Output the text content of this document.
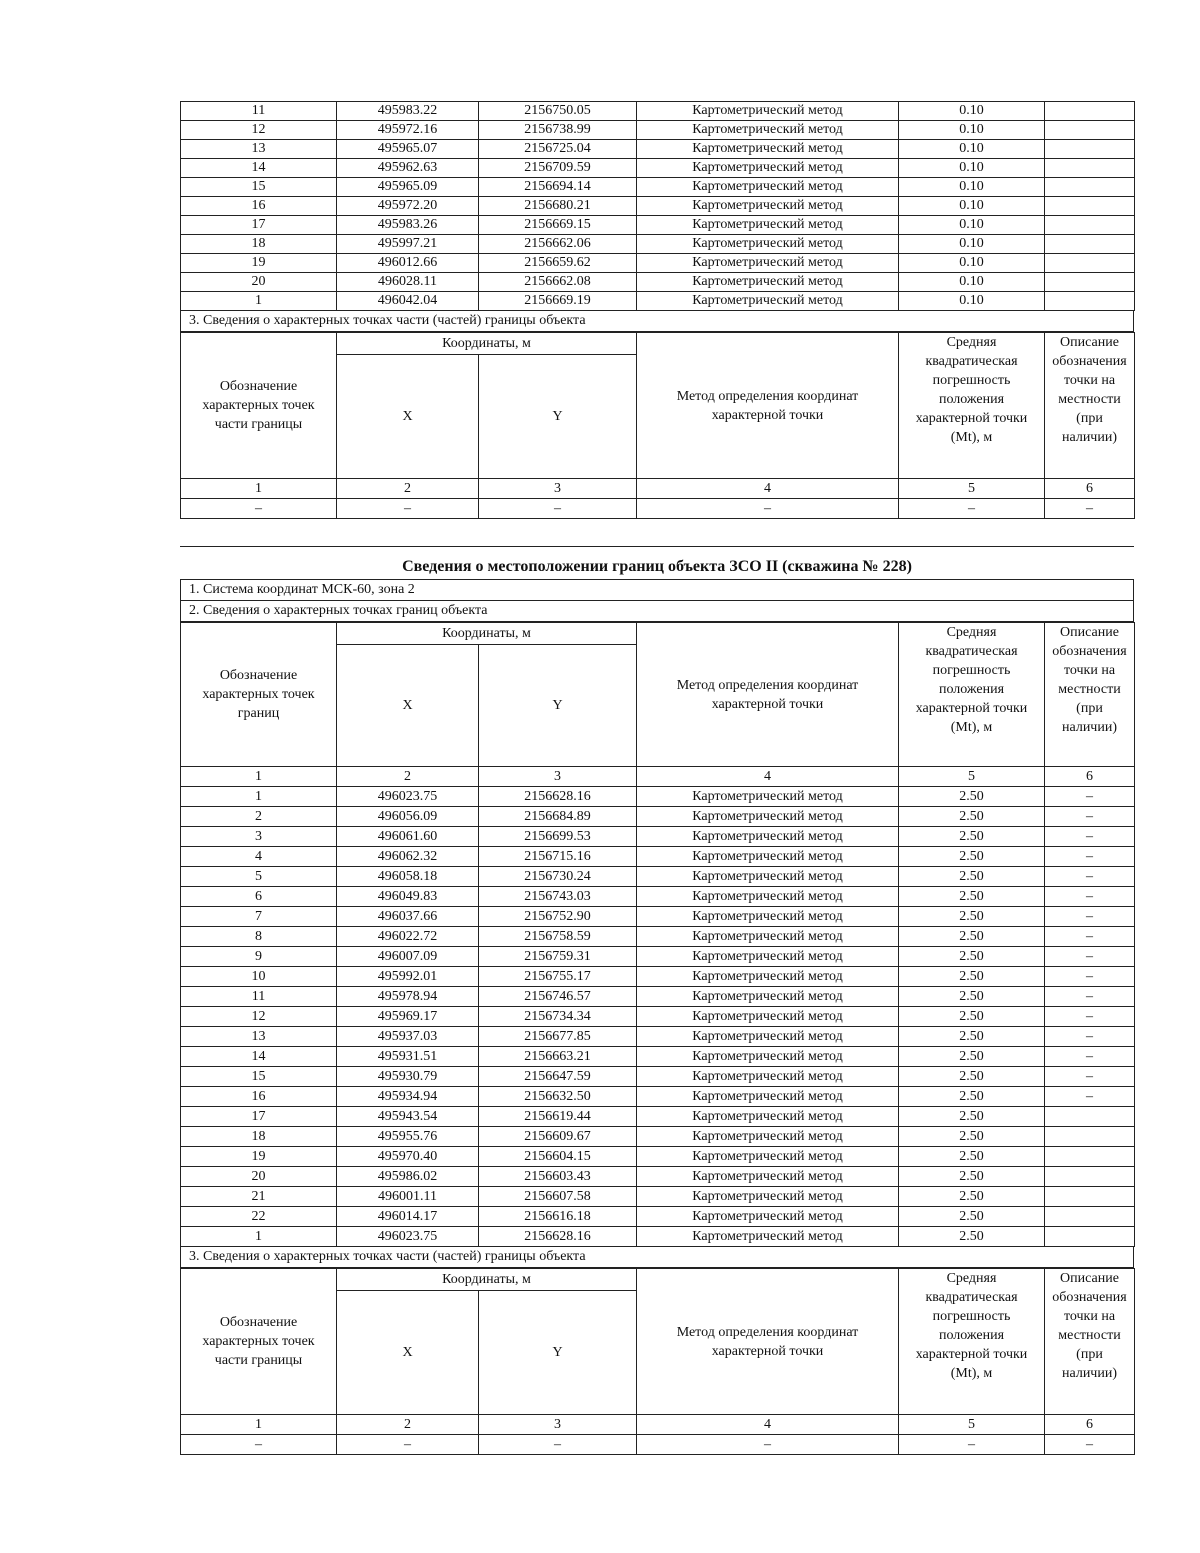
11	495983.22	2156750.05	Картометрический метод	0.10	
12	495972.16	2156738.99	Картометрический метод	0.10	
13	495965.07	2156725.04	Картометрический метод	0.10	
14	495962.63	2156709.59	Картометрический метод	0.10	
15	495965.09	2156694.14	Картометрический метод	0.10	
16	495972.20	2156680.21	Картометрический метод	0.10	
17	495983.26	2156669.15	Картометрический метод	0.10	
18	495997.21	2156662.06	Картометрический метод	0.10	
19	496012.66	2156659.62	Картометрический метод	0.10	
20	496028.11	2156662.08	Картометрический метод	0.10	
1	496042.04	2156669.19	Картометрический метод	0.10	
3. Сведения о характерных точках части (частей) границы объекта
Обозначение характерных точек части границы	Координаты, м		Метод определения координат характерной точки	Средняя квадратическая погрешность положения характерной точки (Mt), м	Описание обозначения точки на местности (при наличии)
	X	Y			
1	2	3	4	5	6
–	–	–	–	–	–
Сведения о местоположении границ объекта ЗСО II (скважина № 228)
1. Система координат МСК-60, зона 2
2. Сведения о характерных точках границ объекта
Обозначение характерных точек границ	Координаты, м		Метод определения координат характерной точки	Средняя квадратическая погрешность положения характерной точки (Mt), м	Описание обозначения точки на местности (при наличии)
	X	Y			
1	2	3	4	5	6
1	496023.75	2156628.16	Картометрический метод	2.50	–
2	496056.09	2156684.89	Картометрический метод	2.50	–
3	496061.60	2156699.53	Картометрический метод	2.50	–
4	496062.32	2156715.16	Картометрический метод	2.50	–
5	496058.18	2156730.24	Картометрический метод	2.50	–
6	496049.83	2156743.03	Картометрический метод	2.50	–
7	496037.66	2156752.90	Картометрический метод	2.50	–
8	496022.72	2156758.59	Картометрический метод	2.50	–
9	496007.09	2156759.31	Картометрический метод	2.50	–
10	495992.01	2156755.17	Картометрический метод	2.50	–
11	495978.94	2156746.57	Картометрический метод	2.50	–
12	495969.17	2156734.34	Картометрический метод	2.50	–
13	495937.03	2156677.85	Картометрический метод	2.50	–
14	495931.51	2156663.21	Картометрический метод	2.50	–
15	495930.79	2156647.59	Картометрический метод	2.50	–
16	495934.94	2156632.50	Картометрический метод	2.50	–
17	495943.54	2156619.44	Картометрический метод	2.50	
18	495955.76	2156609.67	Картометрический метод	2.50	
19	495970.40	2156604.15	Картометрический метод	2.50	
20	495986.02	2156603.43	Картометрический метод	2.50	
21	496001.11	2156607.58	Картометрический метод	2.50	
22	496014.17	2156616.18	Картометрический метод	2.50	
1	496023.75	2156628.16	Картометрический метод	2.50	
3. Сведения о характерных точках части (частей) границы объекта
Обозначение характерных точек части границы	Координаты, м		Метод определения координат характерной точки	Средняя квадратическая погрешность положения характерной точки (Mt), м	Описание обозначения точки на местности (при наличии)
	X	Y			
1	2	3	4	5	6
–	–	–	–	–	–
